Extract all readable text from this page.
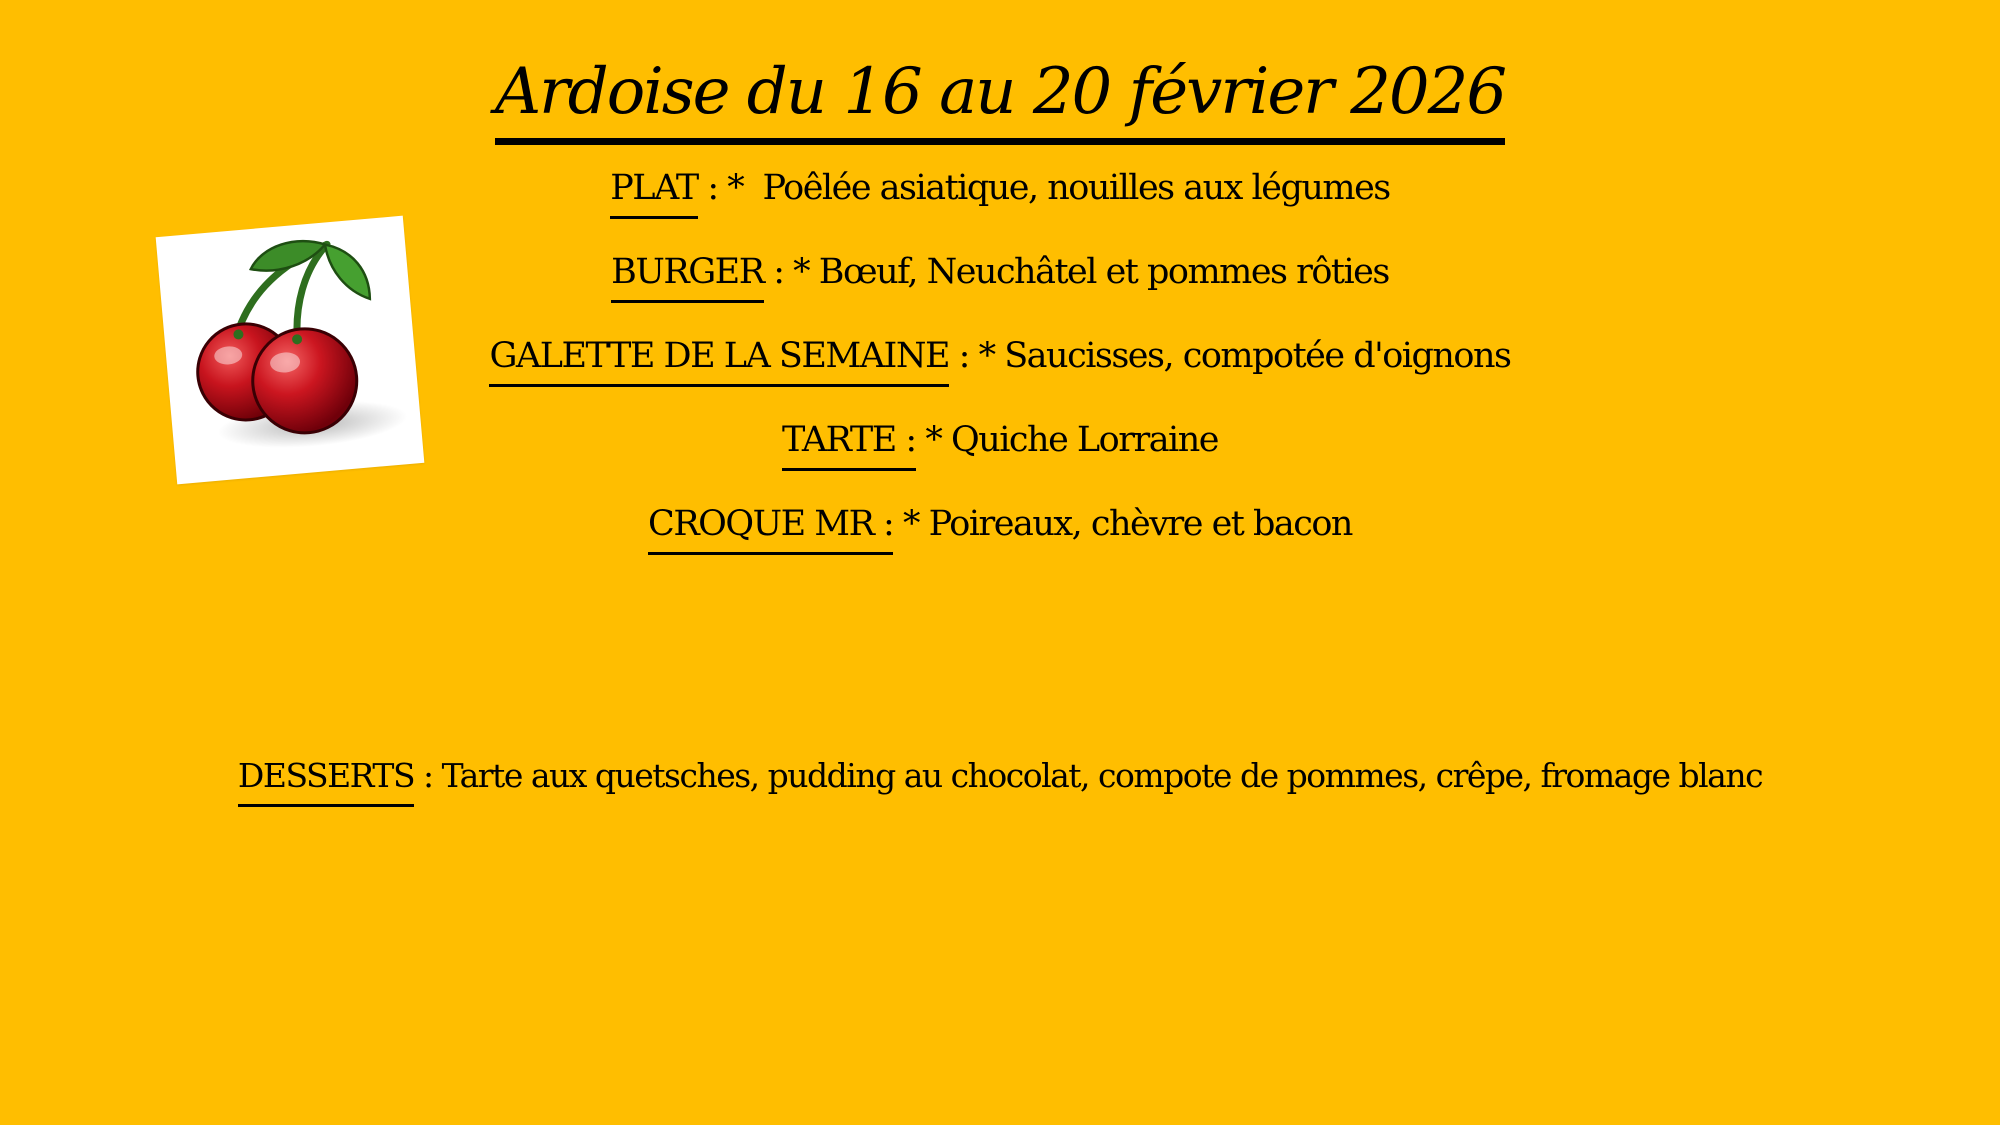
Ardoise du 16 au 20 février 2026
PLAT : *  Poêlée asiatique, nouilles aux légumes
BURGER : * Bœuf, Neuchâtel et pommes rôties
GALETTE DE LA SEMAINE : * Saucisses, compotée d'oignons
TARTE : * Quiche Lorraine
CROQUE MR : * Poireaux, chèvre et bacon
DESSERTS : Tarte aux quetsches, pudding au chocolat, compote de pommes, crêpe, fromage blanc
